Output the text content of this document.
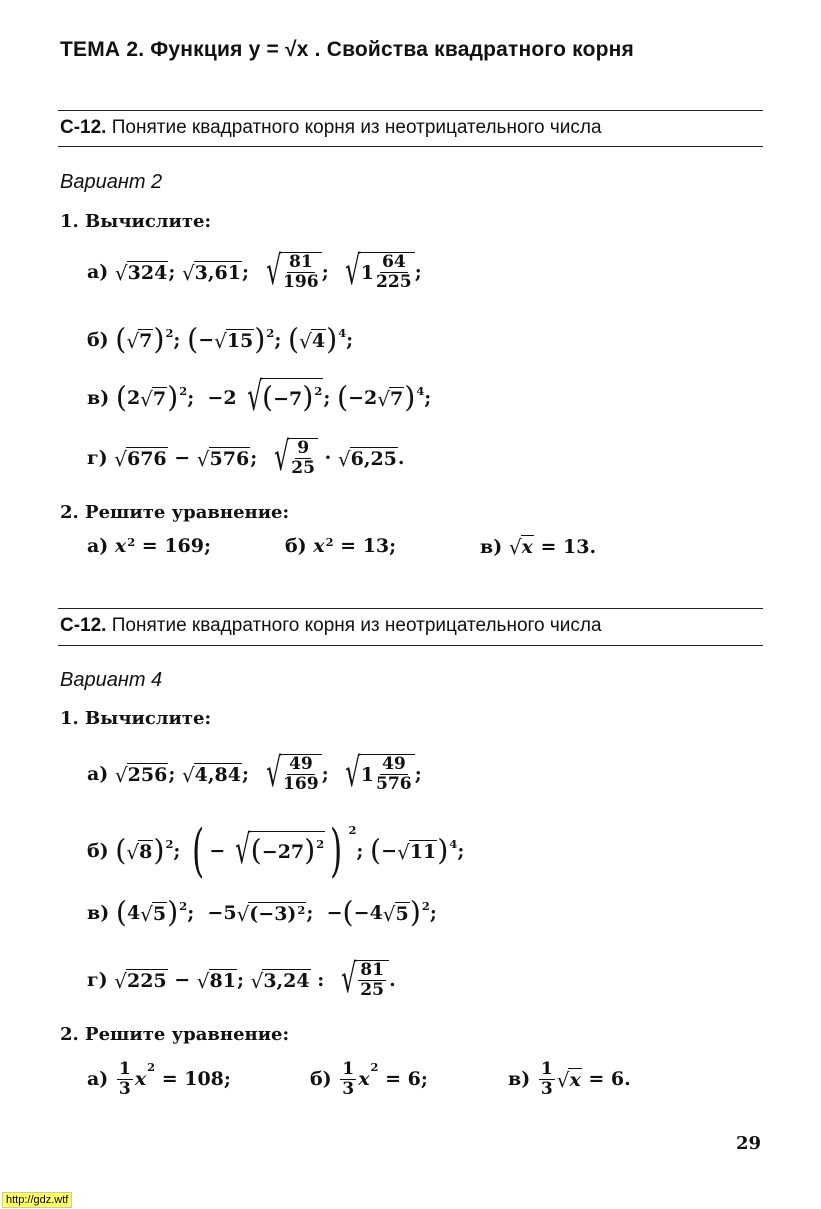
ТЕМА 2. Функция y = √x . Свойства квадратного корня
С-12. Понятие квадратного корня из неотрицательного числа
Вариант 2
1. Вычислите:
а) √ 324 ; √ 3,61 ; √ $\frac{81}{196}$ ; √ $1 \frac{64}{225}$ ;
б) ( √ 7 ) 2 ; ( − √ 15 ) 2 ; ( √ 4 ) 4 ;
в) ( 2 √ 7 ) 2 ;  −2 √ ( −7 ) 2 ; ( −2 √ 7 ) 4 ;
г) √ 676 − √ 576 ; √ $\frac{9}{25}$ · √ 6,25 .
2. Решите уравнение:
а) x 2 = 169;	б) x 2 = 13;	в) √ x = 13.
С-12. Понятие квадратного корня из неотрицательного числа
Вариант 4
1. Вычислите:
а) √ 256 ; √ 4,84 ; √ $\frac{49}{169}$ ; √ $1 \frac{49}{576}$ ;
б) ( √ 8 ) 2 ; ( − √ ( −27 ) 2 ) 2
; ( − √ 11 ) 4 ;
в) ( 4 √ 5 ) 2 ;  −5 √ (−3) 2 ;  − ( −4 √ 5 ) 2 ;
г) √ 225 − √ 81 ; √ 3,24 : √ $\frac{81}{25}$ .
2. Решите уравнение:
$а) \frac{1}{3}$ x
2
= 108;	$б) \frac{1}{3}$ x
2
= 6;	$в) \frac{1}{3}$ √ x = 6.
29
http://gdz.wtf
